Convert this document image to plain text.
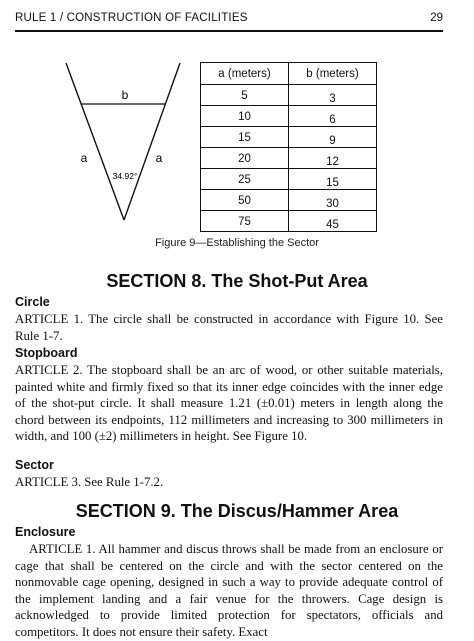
RULE 1 / CONSTRUCTION OF FACILITIES	29
b
a	a
34.92°
a (meters)	b (meters)
5	3
10	6
15	9
20	12
25	15
50	30
75	45
Figure 9—Establishing the Sector
SECTION 8. The Shot-Put Area
Circle
ARTICLE 1. The circle shall be constructed in accordance with Figure 10. See Rule 1-7.
Stopboard
ARTICLE 2. The stopboard shall be an arc of wood, or other suitable materials, painted white and firmly fixed so that its inner edge coincides with the inner edge of the shot-put circle. It shall measure 1.21 (±0.01) meters in length along the chord between its endpoints, 112 millimeters and increasing to 300 millimeters in width, and 100 (±2) millimeters in height. See Figure 10.
Sector
ARTICLE 3. See Rule 1-7.2.
SECTION 9. The Discus/Hammer Area
Enclosure
ARTICLE 1. All hammer and discus throws shall be made from an enclosure or cage that shall be centered on the circle and with the sector centered on the nonmovable cage opening, designed in such a way to provide adequate control of the implement landing and a fair venue for the throwers. Cage design is acknowledged to provide limited protection for spectators, officials and competitors. It does not ensure their safety. Exact
